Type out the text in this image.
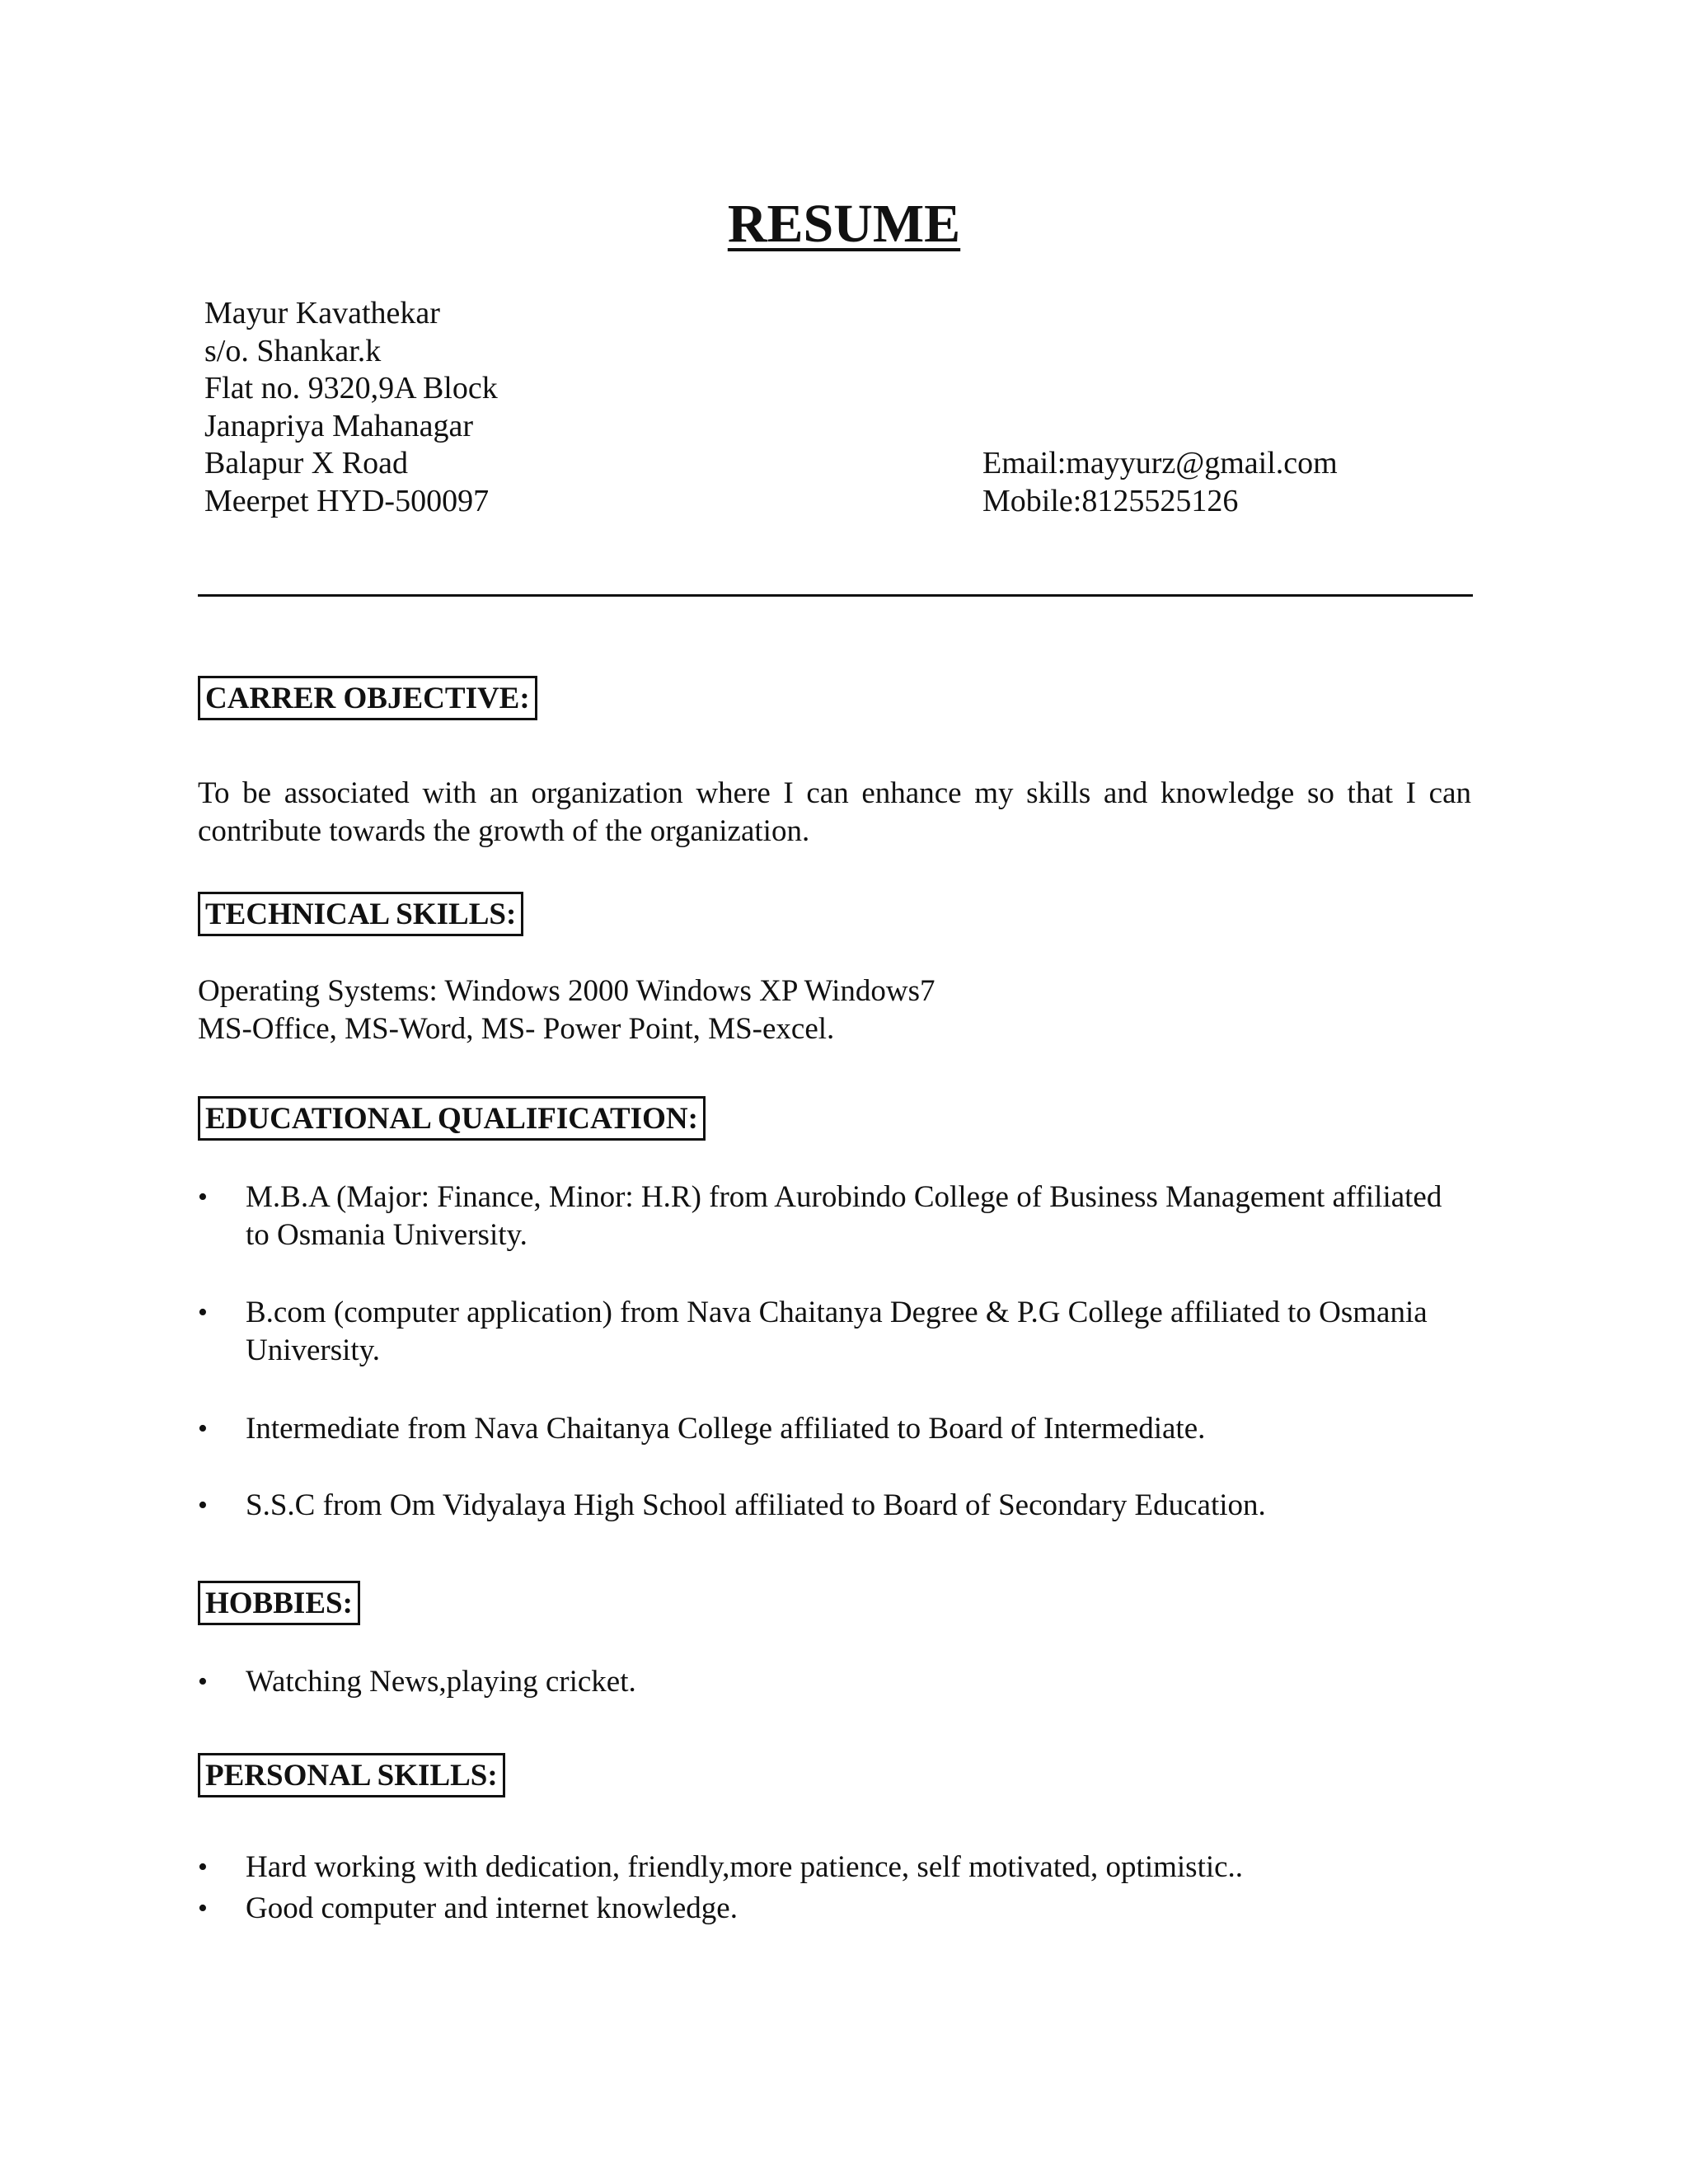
RESUME
Mayur Kavathekar
s/o. Shankar.k
Flat no. 9320,9A Block
Janapriya Mahanagar
Balapur X Road
Meerpet HYD-500097
Email:mayyurz@gmail.com
Mobile:8125525126
CARRER OBJECTIVE:
To be associated with an organization where I can enhance my skills and knowledge so that I can contribute towards the growth of the organization.
TECHNICAL SKILLS:
Operating Systems: Windows 2000 Windows XP Windows7
MS-Office, MS-Word, MS- Power Point, MS-excel.
EDUCATIONAL QUALIFICATION:
•	M.B.A (Major: Finance, Minor: H.R) from Aurobindo College of Business Management affiliated to Osmania University.
•	B.com (computer application) from Nava Chaitanya Degree & P.G College affiliated to Osmania University.
•	Intermediate from Nava Chaitanya College affiliated to Board of Intermediate.
•	S.S.C from Om Vidyalaya High School affiliated to Board of Secondary Education.
HOBBIES:
•	Watching News,playing cricket.
PERSONAL SKILLS:
•	Hard working with dedication, friendly,more patience, self motivated, optimistic..
•	Good computer and internet knowledge.
